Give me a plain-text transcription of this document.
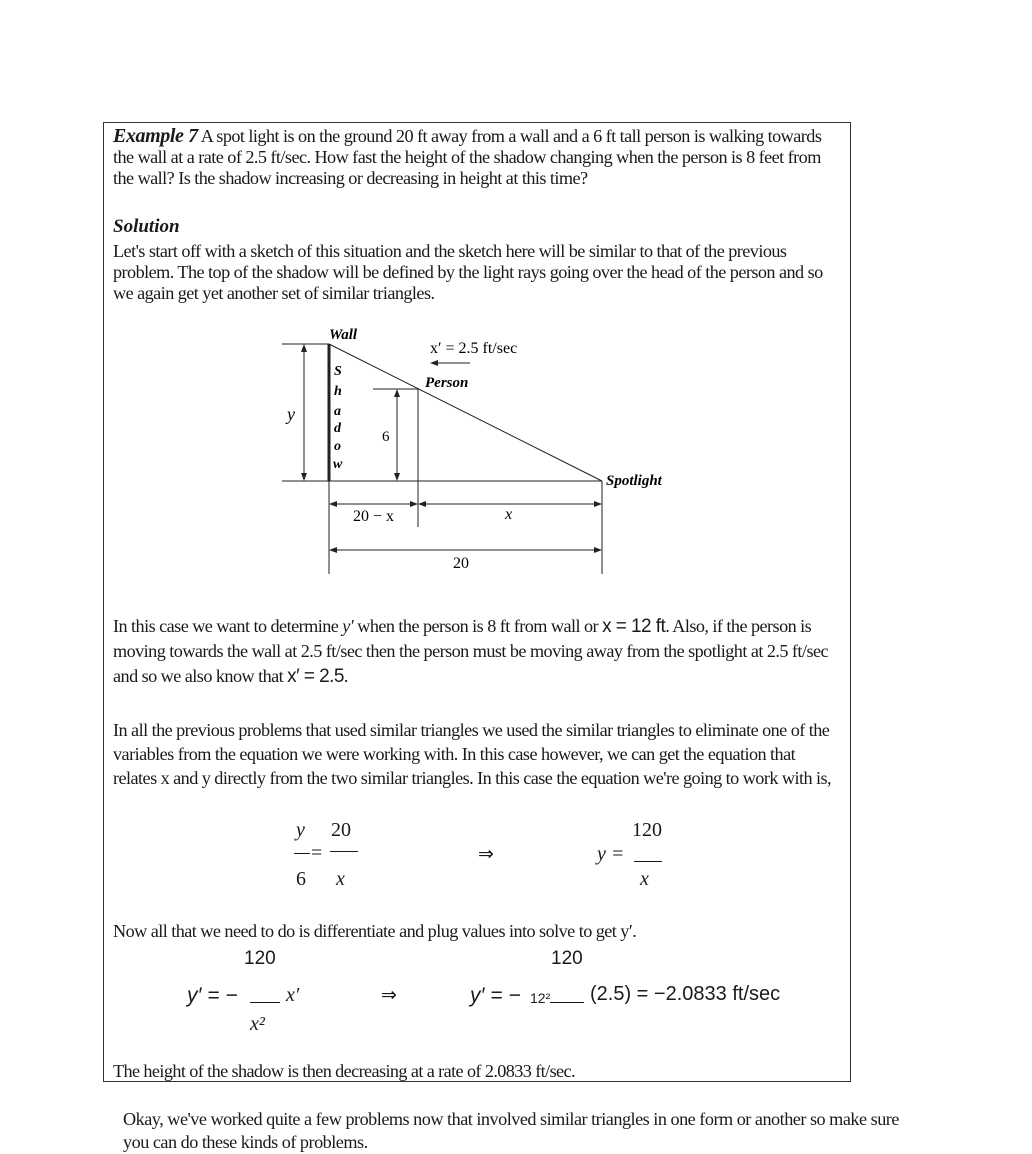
Example 7 A spot light is on the ground 20 ft away from a wall and a 6 ft tall person is walking towards the wall at a rate of 2.5 ft/sec. How fast the height of the shadow changing when the person is 8 feet from the wall? Is the shadow increasing or decreasing in height at this time?

Solution

Let's start off with a sketch of this situation and the sketch here will be similar to that of the previous problem. The top of the shadow will be defined by the light rays going over the head of the person and so we again get yet another set of similar triangles.

Wall
x′ = 2.5 ft/sec
Person
Spotlight
y
6
S
h
a
d
o
w
20 − x	x
20

In this case we want to determine y′ when the person is 8 ft from wall or x = 12 ft. Also, if the person is moving towards the wall at 2.5 ft/sec then the person must be moving away from the spotlight at 2.5 ft/sec and so we also know that x′ = 2.5.

In all the previous problems that used similar triangles we used the similar triangles to eliminate one of the variables from the equation we were working with. In this case however, we can get the equation that relates x and y directly from the two similar triangles. In this case the equation we're going to work with is,

y
6
=
20
x
⇒	y =
120
x

Now all that we need to do is differentiate and plug values into solve to get y′.

120
y′ = −
x²
x′	⇒
120
y′ = − 12² (2.5) = −2.0833 ft/sec
The height of the shadow is then decreasing at a rate of 2.0833 ft/sec.
Okay, we've worked quite a few problems now that involved similar triangles in one form or another so make sure you can do these kinds of problems.
